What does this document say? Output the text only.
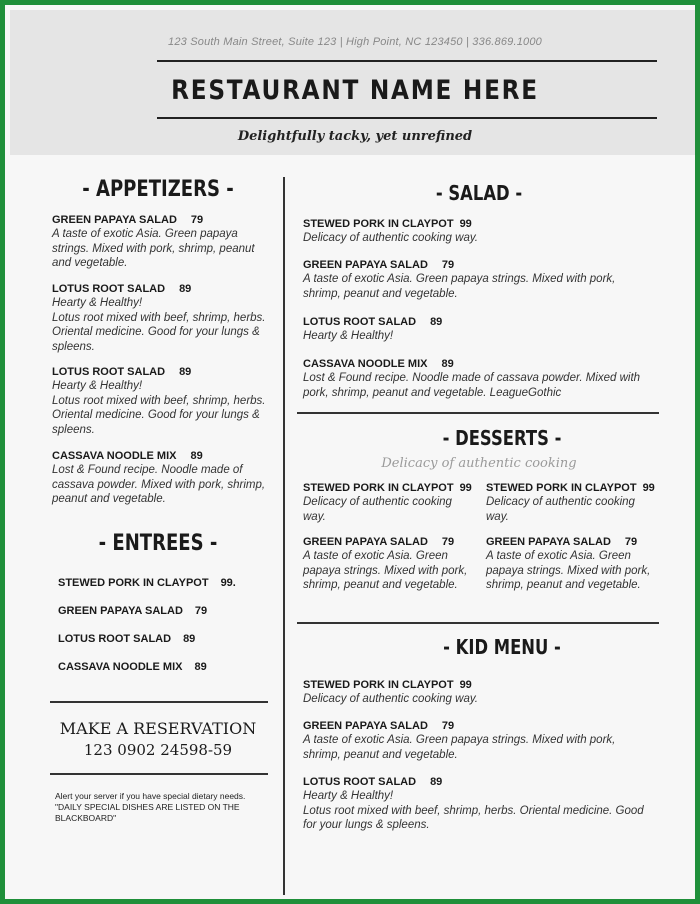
123 South Main Street, Suite 123 | High Point, NC 123450 | 336.869.1000
RESTAURANT NAME HERE
Delightfully tacky, yet unrefined
- APPETIZERS -
GREEN PAPAYA SALAD 79
A taste of exotic Asia. Green papaya strings. Mixed with pork, shrimp, peanut and vegetable.
LOTUS ROOT SALAD 89
Hearty & Healthy!
Lotus root mixed with beef, shrimp, herbs. Oriental medicine. Good for your lungs & spleens.
LOTUS ROOT SALAD 89
Hearty & Healthy!
Lotus root mixed with beef, shrimp, herbs. Oriental medicine. Good for your lungs & spleens.
CASSAVA NOODLE MIX 89
Lost & Found recipe. Noodle made of cassava powder. Mixed with pork, shrimp, peanut and vegetable.
- ENTREES -
STEWED PORK IN CLAYPOT 99.
GREEN PAPAYA SALAD 79
LOTUS ROOT SALAD 89
CASSAVA NOODLE MIX 89
MAKE A RESERVATION
123 0902 24598-59
Alert your server if you have special dietary needs.
"DAILY SPECIAL DISHES ARE LISTED ON THE BLACKBOARD"
- SALAD -
STEWED PORK IN CLAYPOT 99
Delicacy of authentic cooking way.
GREEN PAPAYA SALAD 79
A taste of exotic Asia. Green papaya strings. Mixed with pork, shrimp, peanut and vegetable.
LOTUS ROOT SALAD 89
Hearty & Healthy!
CASSAVA NOODLE MIX 89
Lost & Found recipe. Noodle made of cassava powder. Mixed with pork, shrimp, peanut and vegetable. LeagueGothic
- DESSERTS -
Delicacy of authentic cooking
STEWED PORK IN CLAYPOT 99
Delicacy of authentic cooking way.
STEWED PORK IN CLAYPOT 99
Delicacy of authentic cooking way.
GREEN PAPAYA SALAD 79
A taste of exotic Asia. Green papaya strings. Mixed with pork, shrimp, peanut and vegetable.
GREEN PAPAYA SALAD 79
A taste of exotic Asia. Green papaya strings. Mixed with pork, shrimp, peanut and vegetable.
- KID MENU -
STEWED PORK IN CLAYPOT 99
Delicacy of authentic cooking way.
GREEN PAPAYA SALAD 79
A taste of exotic Asia. Green papaya strings. Mixed with pork, shrimp, peanut and vegetable.
LOTUS ROOT SALAD 89
Hearty & Healthy!
Lotus root mixed with beef, shrimp, herbs. Oriental medicine. Good for your lungs & spleens.
